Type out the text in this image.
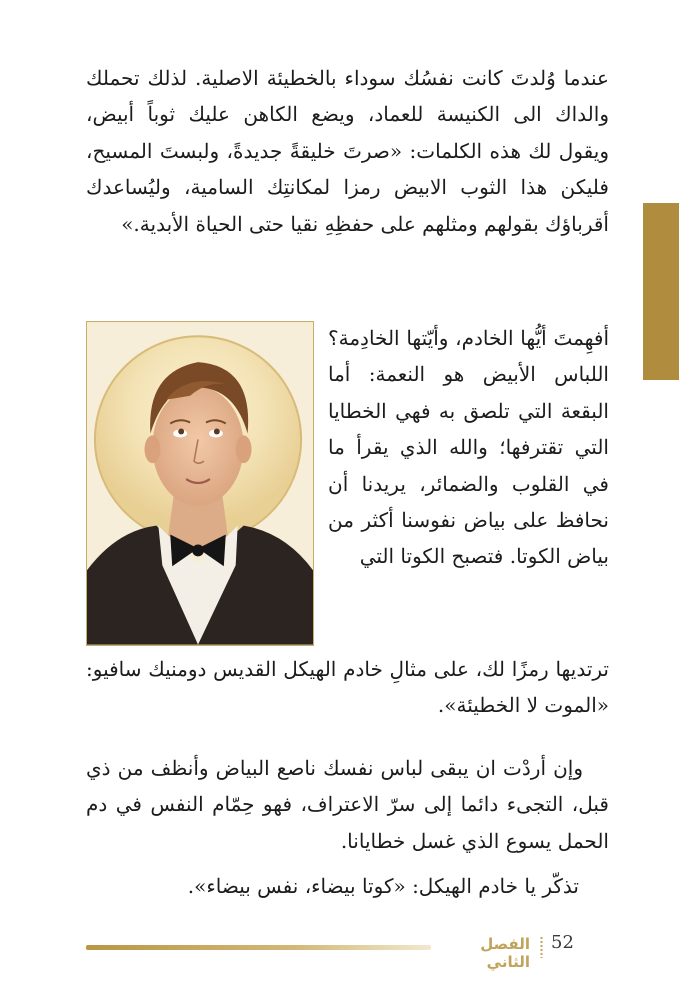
عندما وُلدتَ كانت نفسُك سوداء بالخطيئة الاصلية. لذلك تحملك والداك الى الكنيسة للعماد، ويضع الكاهن عليك ثوباً أبيض، ويقول لك هذه الكلمات: «صرتَ خليقةً جديدةً، ولبستَ المسيح، فليكن هذا الثوب الابيض رمزا لمكانتِك السامية، وليُساعدك أقرباؤك بقولهم ومثلهم على حفظِهِ نقيا حتى الحياة الأبدية.»

أفهِمتَ أيُّها الخادم، وأيّتها الخادِمة؟ اللباس الأبيض هو النعمة: أما البقعة التي تلصق به فهي الخطايا التي تقترفها؛ والله الذي يقرأ ما في القلوب والضمائر، يريدنا أن نحافظ على بياض نفوسنا أكثر من بياض الكوتا. فتصبح الكوتا التي

ترتديها رمزًا لك، على مثالِ خادم الهيكل القديس دومنيك سافيو: «الموت لا الخطيئة».

وإن أردْت ان يبقى لباس نفسك ناصع البياض وأنظف من ذي قبل، التجىء دائما إلى سرّ الاعتراف، فهو حِمّام النفس في دم الحمل يسوع الذي غسل خطايانا.

تذكّر يا خادم الهيكل: «كوتا بيضاء، نفس بيضاء».

الفصل الثاني
52
